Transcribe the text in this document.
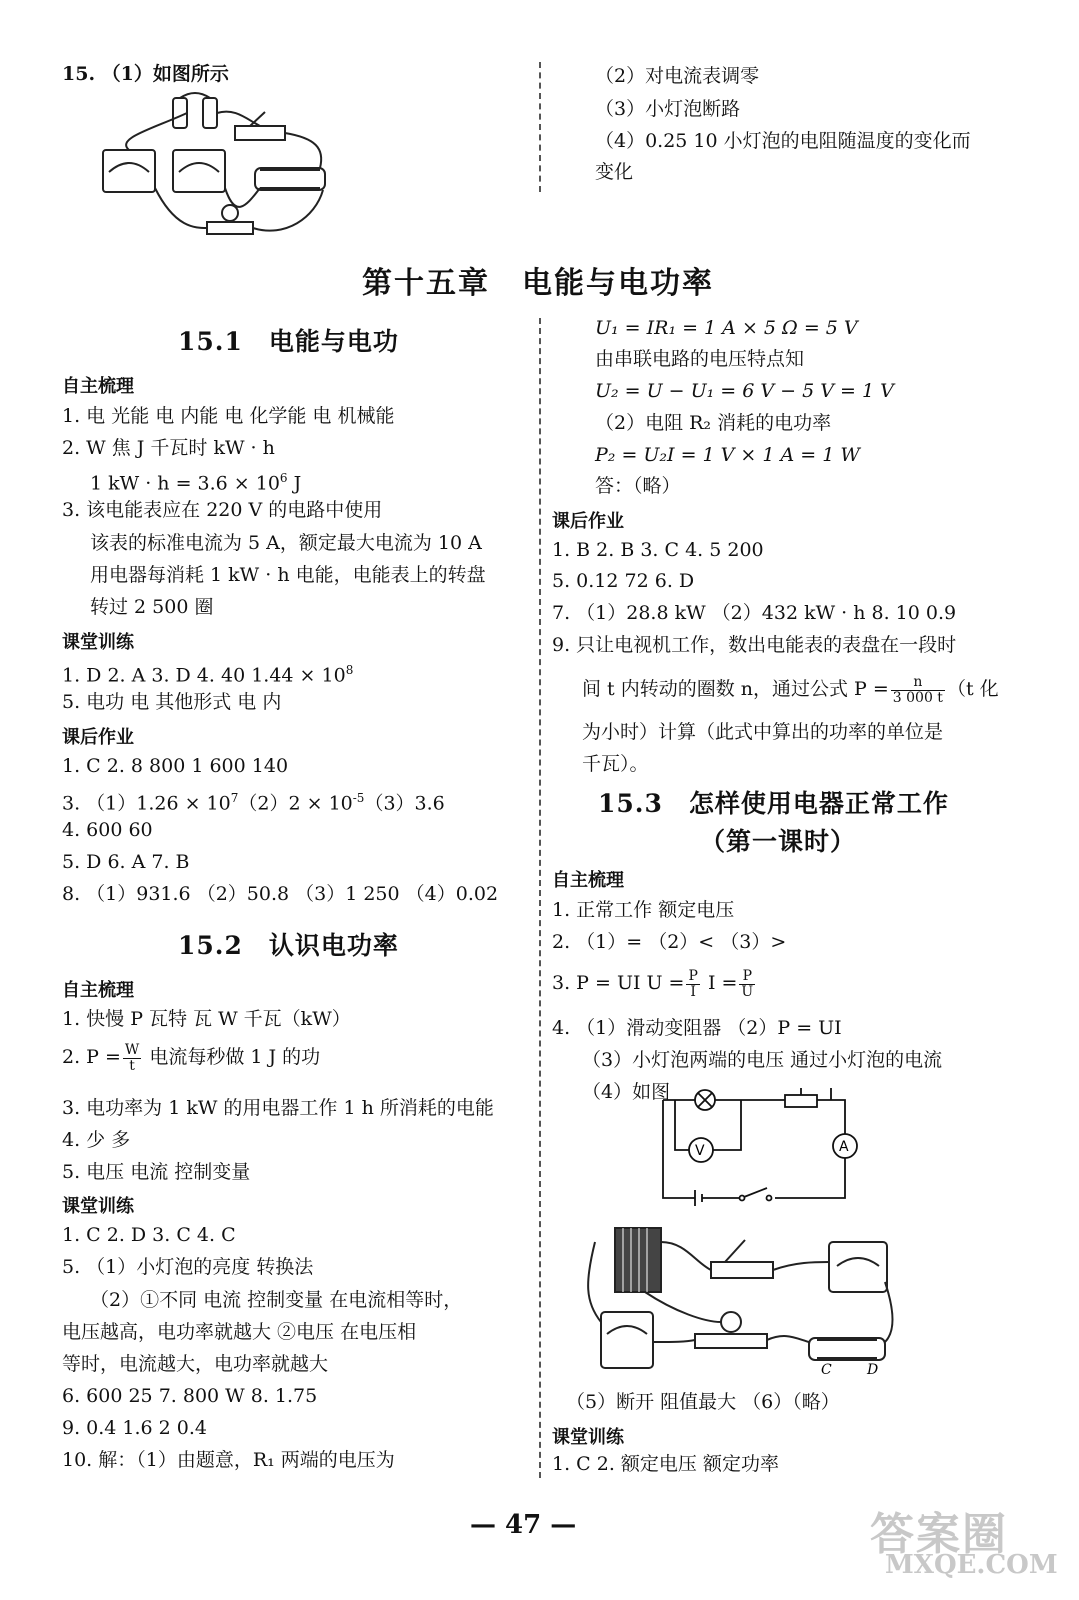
15. （1）如图所示	（2）对电流表调零
（3）小灯泡断路
（4）0.25 10 小灯泡的电阻随温度的变化而
变化
第十五章　电能与电功率
15.1　电能与电功
自主梳理
1. 电 光能 电 内能 电 化学能 电 机械能
2. W 焦 J 千瓦时 kW · h
1 kW · $h = 3.6 \times 10^6$ J
3. 该电能表应在 220 V 的电路中使用
该表的标准电流为 5 A，额定最大电流为 10 A
用电器每消耗 1 kW · h 电能，电能表上的转盘
转过 2 500 圈
课堂训练
1. D 2. A 3. D 4. 40 $1.44 \times 10^8$
5. 电功 电 其他形式 电 内
课后作业
1. C 2. 8 800 1 600 140
3. $(1)1.26 \times 10^7(2)2 \times 10^{-5}(3)3.6$
4. 600 60
5. D 6. A 7. B
8. （1）931.6 （2）50.8 （3）1 250 （4）0.02
15.2　认识电功率
自主梳理
1. 快慢 P 瓦特 瓦 W 千瓦（kW）
2. $P = \frac{W}{t}$ 电流每秒做 1 J 的功
3. 电功率为 1 kW 的用电器工作 1 h 所消耗的电能
4. 少 多
5. 电压 电流 控制变量
课堂训练
1. C 2. D 3. C 4. C
5. （1）小灯泡的亮度 转换法
（2）①不同 电流 控制变量 在电流相等时，
电压越高，电功率就越大 ②电压 在电压相
等时，电流越大，电功率就越大
6. 600 25 7. 800 W 8. 1.75
9. 0.4 1.6 2 0.4
10. 解：（1）由题意，R₁ 两端的电压为
U₁ = IR₁ = 1 A × 5 Ω = 5 V
由串联电路的电压特点知
U₂ = U − U₁ = 6 V − 5 V = 1 V
（2）电阻 R₂ 消耗的电功率
P₂ = U₂I = 1 V × 1 A = 1 W
答：（略）
课后作业
1. B 2. B 3. C 4. 5 200
5. 0.12 72 6. D
7. （1）28.8 kW （2）432 kW · h 8. 10 0.9
9. 只让电视机工作，数出电能表的表盘在一段时
间 t 内转动的圈数 n，通过公式 $P = \frac{n}{3 000 t} (t$ 化
为小时）计算（此式中算出的功率的单位是
千瓦）。
15.3　怎样使用电器正常工作
（第一课时）
自主梳理
1. 正常工作 额定电压
2. （1）= （2）< （3）>
3. P = UI $U = \frac{P}{I}$ $I = \frac{P}{U}$
4. （1）滑动变阻器 （2）P = UI
（3）小灯泡两端的电压 通过小灯泡的电流
（4）如图
V	A
C	D
（5）断开 阻值最大 （6）（略）
课堂训练
1. C 2. 额定电压 额定功率
— 47 —	答案圈
MXQE.COM
